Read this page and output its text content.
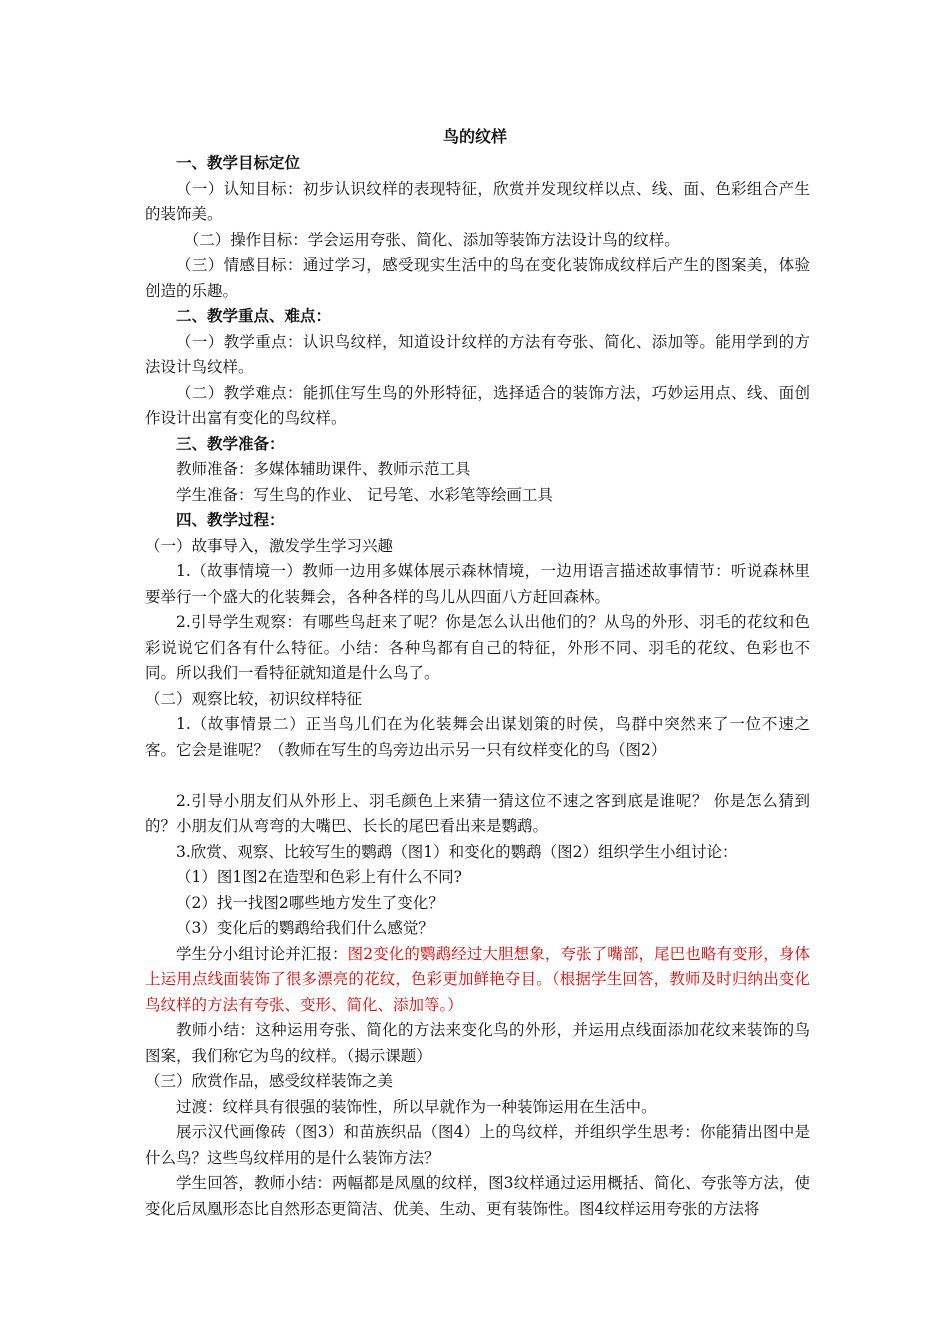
鸟的纹样

一、教学目标定位

（一）认知目标：初步认识纹样的表现特征，欣赏并发现纹样以点、线、面、色彩组合产生的装饰美。

（二）操作目标：学会运用夸张、简化、添加等装饰方法设计鸟的纹样。

（三）情感目标：通过学习，感受现实生活中的鸟在变化装饰成纹样后产生的图案美，体验创造的乐趣。

二、教学重点、难点：

（一）教学重点：认识鸟纹样，知道设计纹样的方法有夸张、简化、添加等。能用学到的方法设计鸟纹样。

（二）教学难点：能抓住写生鸟的外形特征，选择适合的装饰方法，巧妙运用点、线、面创作设计出富有变化的鸟纹样。

三、教学准备：

教师准备：多媒体辅助课件、教师示范工具

学生准备：写生鸟的作业、 记号笔、水彩笔等绘画工具

四、教学过程：

（一）故事导入，激发学生学习兴趣

1.（故事情境一）教师一边用多媒体展示森林情境，一边用语言描述故事情节：听说森林里要举行一个盛大的化装舞会，各种各样的鸟儿从四面八方赶回森林。

2.引导学生观察：有哪些鸟赶来了呢？你是怎么认出他们的？从鸟的外形、羽毛的花纹和色彩说说它们各有什么特征。小结：各种鸟都有自己的特征，外形不同、羽毛的花纹、色彩也不同。所以我们一看特征就知道是什么鸟了。

（二）观察比较，初识纹样特征

1.（故事情景二）正当鸟儿们在为化装舞会出谋划策的时侯，鸟群中突然来了一位不速之客。它会是谁呢？（教师在写生的鸟旁边出示另一只有纹样变化的鸟（图2）

2.引导小朋友们从外形上、羽毛颜色上来猜一猜这位不速之客到底是谁呢？ 你是怎么猜到的？小朋友们从弯弯的大嘴巴、长长的尾巴看出来是鹦鹉。

3.欣赏、观察、比较写生的鹦鹉（图1）和变化的鹦鹉（图2）组织学生小组讨论：

（1）图1图2在造型和色彩上有什么不同?

（2）找一找图2哪些地方发生了变化？

（3）变化后的鹦鹉给我们什么感觉？

学生分小组讨论并汇报：图2变化的鹦鹉经过大胆想象，夸张了嘴部，尾巴也略有变形，身体上运用点线面装饰了很多漂亮的花纹，色彩更加鲜艳夺目。（根据学生回答，教师及时归纳出变化鸟纹样的方法有夸张、变形、简化、添加等。）

教师小结：这种运用夸张、简化的方法来变化鸟的外形，并运用点线面添加花纹来装饰的鸟图案，我们称它为鸟的纹样。（揭示课题）

（三）欣赏作品，感受纹样装饰之美

过渡：纹样具有很强的装饰性，所以早就作为一种装饰运用在生活中。

展示汉代画像砖（图3）和苗族织品（图4）上的鸟纹样，并组织学生思考：你能猜出图中是什么鸟？这些鸟纹样用的是什么装饰方法？

学生回答，教师小结：两幅都是凤凰的纹样，图3纹样通过运用概括、简化、夸张等方法，使变化后凤凰形态比自然形态更简洁、优美、生动、更有装饰性。图4纹样运用夸张的方法将
